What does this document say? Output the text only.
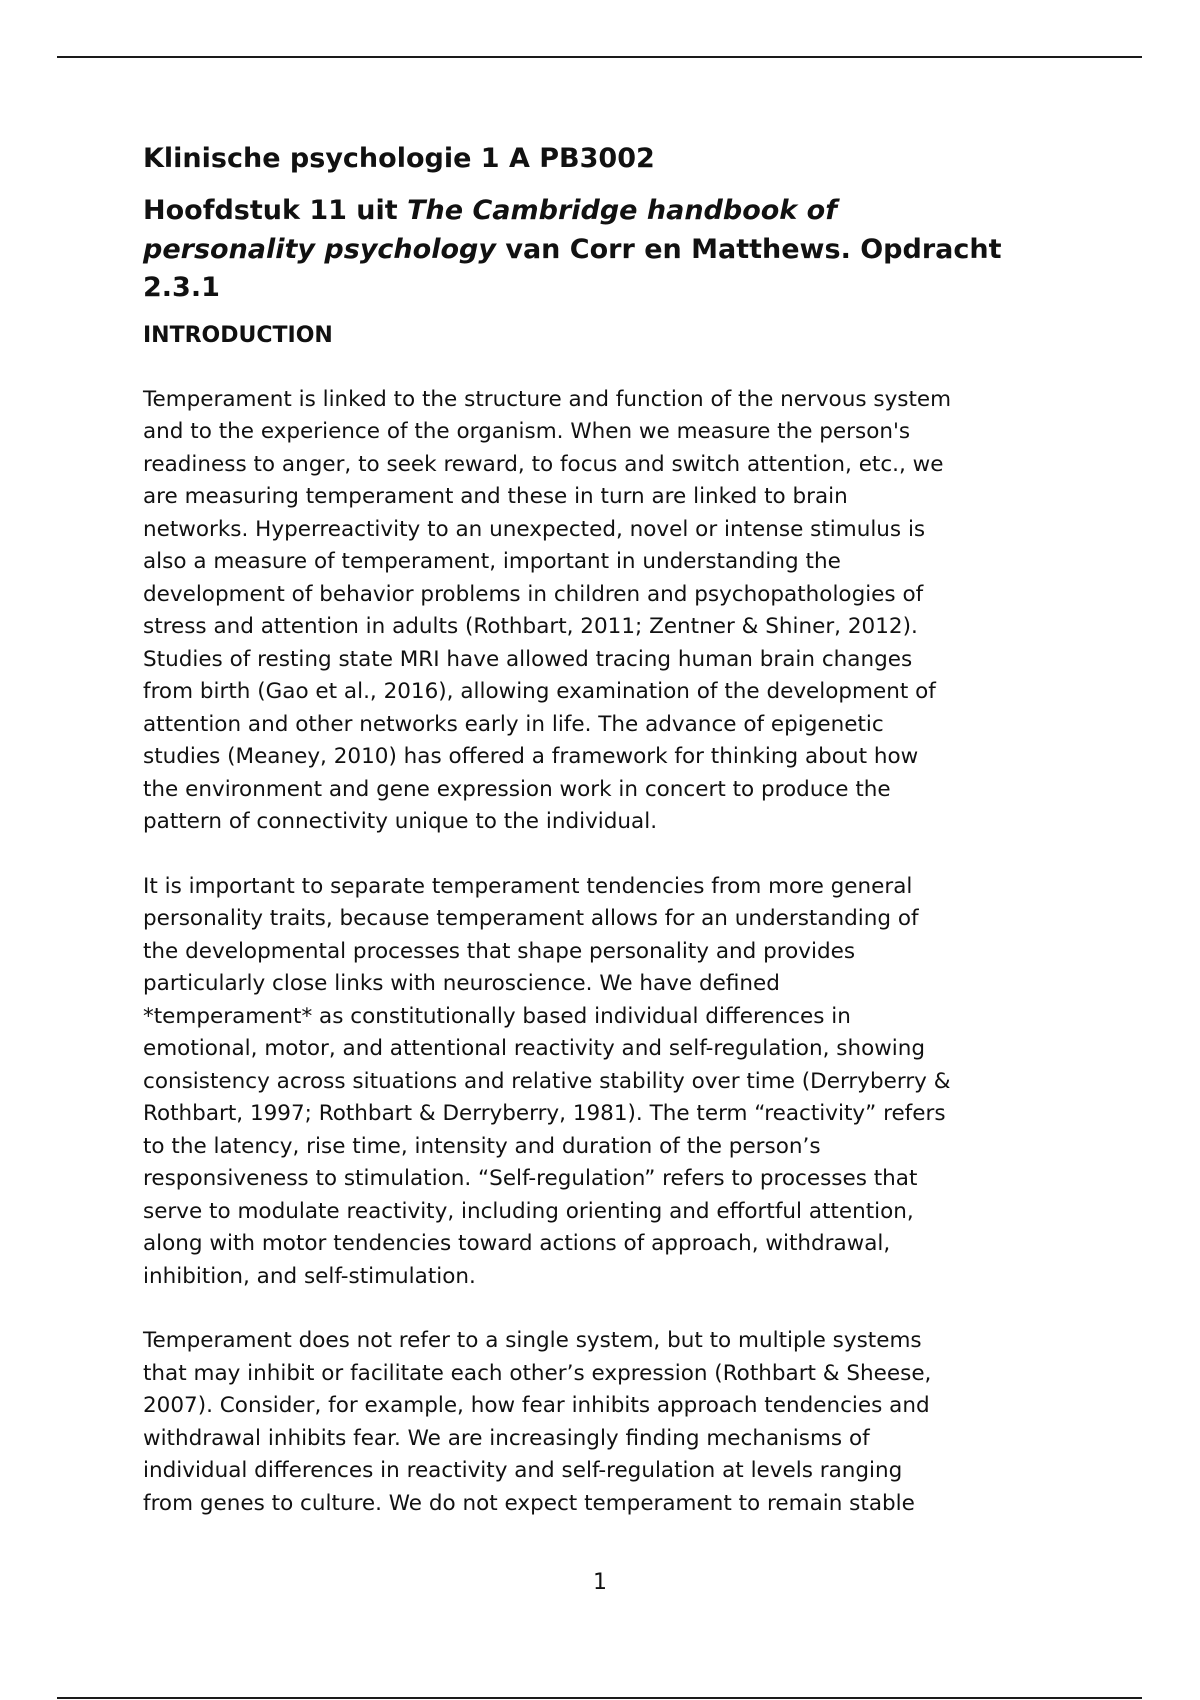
Klinische psychologie 1 A PB3002
Hoofdstuk 11 uit The Cambridge handbook of
personality psychology van Corr en Matthews. Opdracht
2.3.1
INTRODUCTION

Temperament is linked to the structure and function of the nervous system
and to the experience of the organism. When we measure the person's
readiness to anger, to seek reward, to focus and switch attention, etc., we
are measuring temperament and these in turn are linked to brain
networks. Hyperreactivity to an unexpected, novel or intense stimulus is
also a measure of temperament, important in understanding the
development of behavior problems in children and psychopathologies of
stress and attention in adults (Rothbart, 2011; Zentner & Shiner, 2012).
Studies of resting state MRI have allowed tracing human brain changes
from birth (Gao et al., 2016), allowing examination of the development of
attention and other networks early in life. The advance of epigenetic
studies (Meaney, 2010) has offered a framework for thinking about how
the environment and gene expression work in concert to produce the
pattern of connectivity unique to the individual.

It is important to separate temperament tendencies from more general
personality traits, because temperament allows for an understanding of
the developmental processes that shape personality and provides
particularly close links with neuroscience. We have defined
*temperament* as constitutionally based individual differences in
emotional, motor, and attentional reactivity and self-regulation, showing
consistency across situations and relative stability over time (Derryberry &
Rothbart, 1997; Rothbart & Derryberry, 1981). The term “reactivity” refers
to the latency, rise time, intensity and duration of the person’s
responsiveness to stimulation. “Self-regulation” refers to processes that
serve to modulate reactivity, including orienting and effortful attention,
along with motor tendencies toward actions of approach, withdrawal,
inhibition, and self-stimulation.

Temperament does not refer to a single system, but to multiple systems
that may inhibit or facilitate each other’s expression (Rothbart & Sheese,
2007). Consider, for example, how fear inhibits approach tendencies and
withdrawal inhibits fear. We are increasingly finding mechanisms of
individual differences in reactivity and self-regulation at levels ranging
from genes to culture. We do not expect temperament to remain stable

1
